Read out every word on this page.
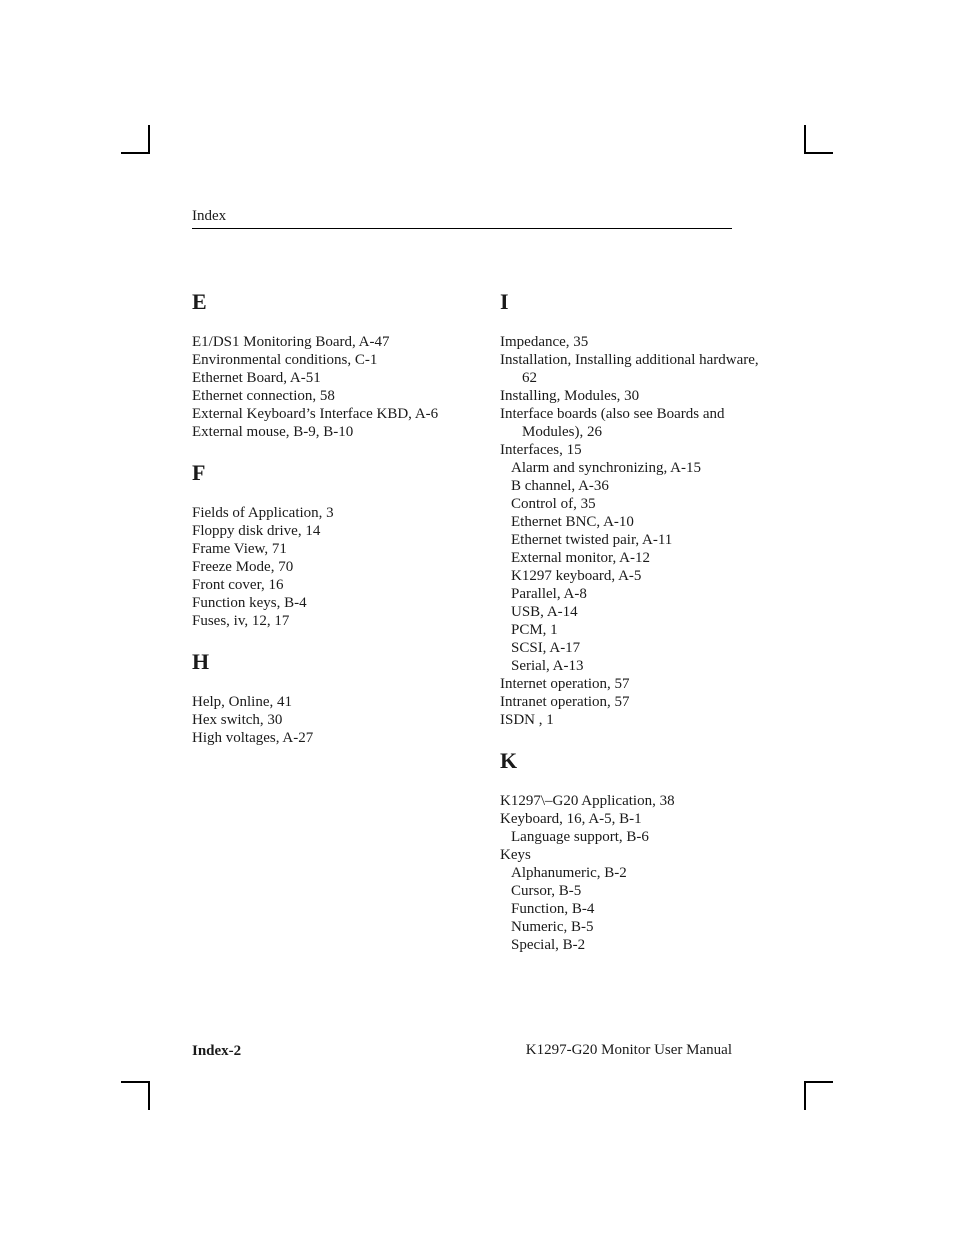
Index
E
E1/DS1 Monitoring Board, A-47
Environmental conditions, C-1
Ethernet Board, A-51
Ethernet connection, 58
External Keyboard’s Interface KBD, A-6
External mouse, B-9, B-10
F
Fields of Application, 3
Floppy disk drive, 14
Frame View, 71
Freeze Mode, 70
Front cover, 16
Function keys, B-4
Fuses, iv, 12, 17
H
Help, Online, 41
Hex switch, 30
High voltages, A-27
I
Impedance, 35
Installation, Installing additional hardware, 62
Installing, Modules, 30
Interface boards (also see Boards and Modules), 26
Interfaces, 15
Alarm and synchronizing, A-15
B channel, A-36
Control of, 35
Ethernet BNC, A-10
Ethernet twisted pair, A-11
External monitor, A-12
K1297 keyboard, A-5
Parallel, A-8
USB, A-14
PCM, 1
SCSI, A-17
Serial, A-13
Internet operation, 57
Intranet operation, 57
ISDN , 1
K
K1297\–G20 Application, 38
Keyboard, 16, A-5, B-1
Language support, B-6
Keys
Alphanumeric, B-2
Cursor, B-5
Function, B-4
Numeric, B-5
Special, B-2
Index-2	K1297-G20 Monitor User Manual
